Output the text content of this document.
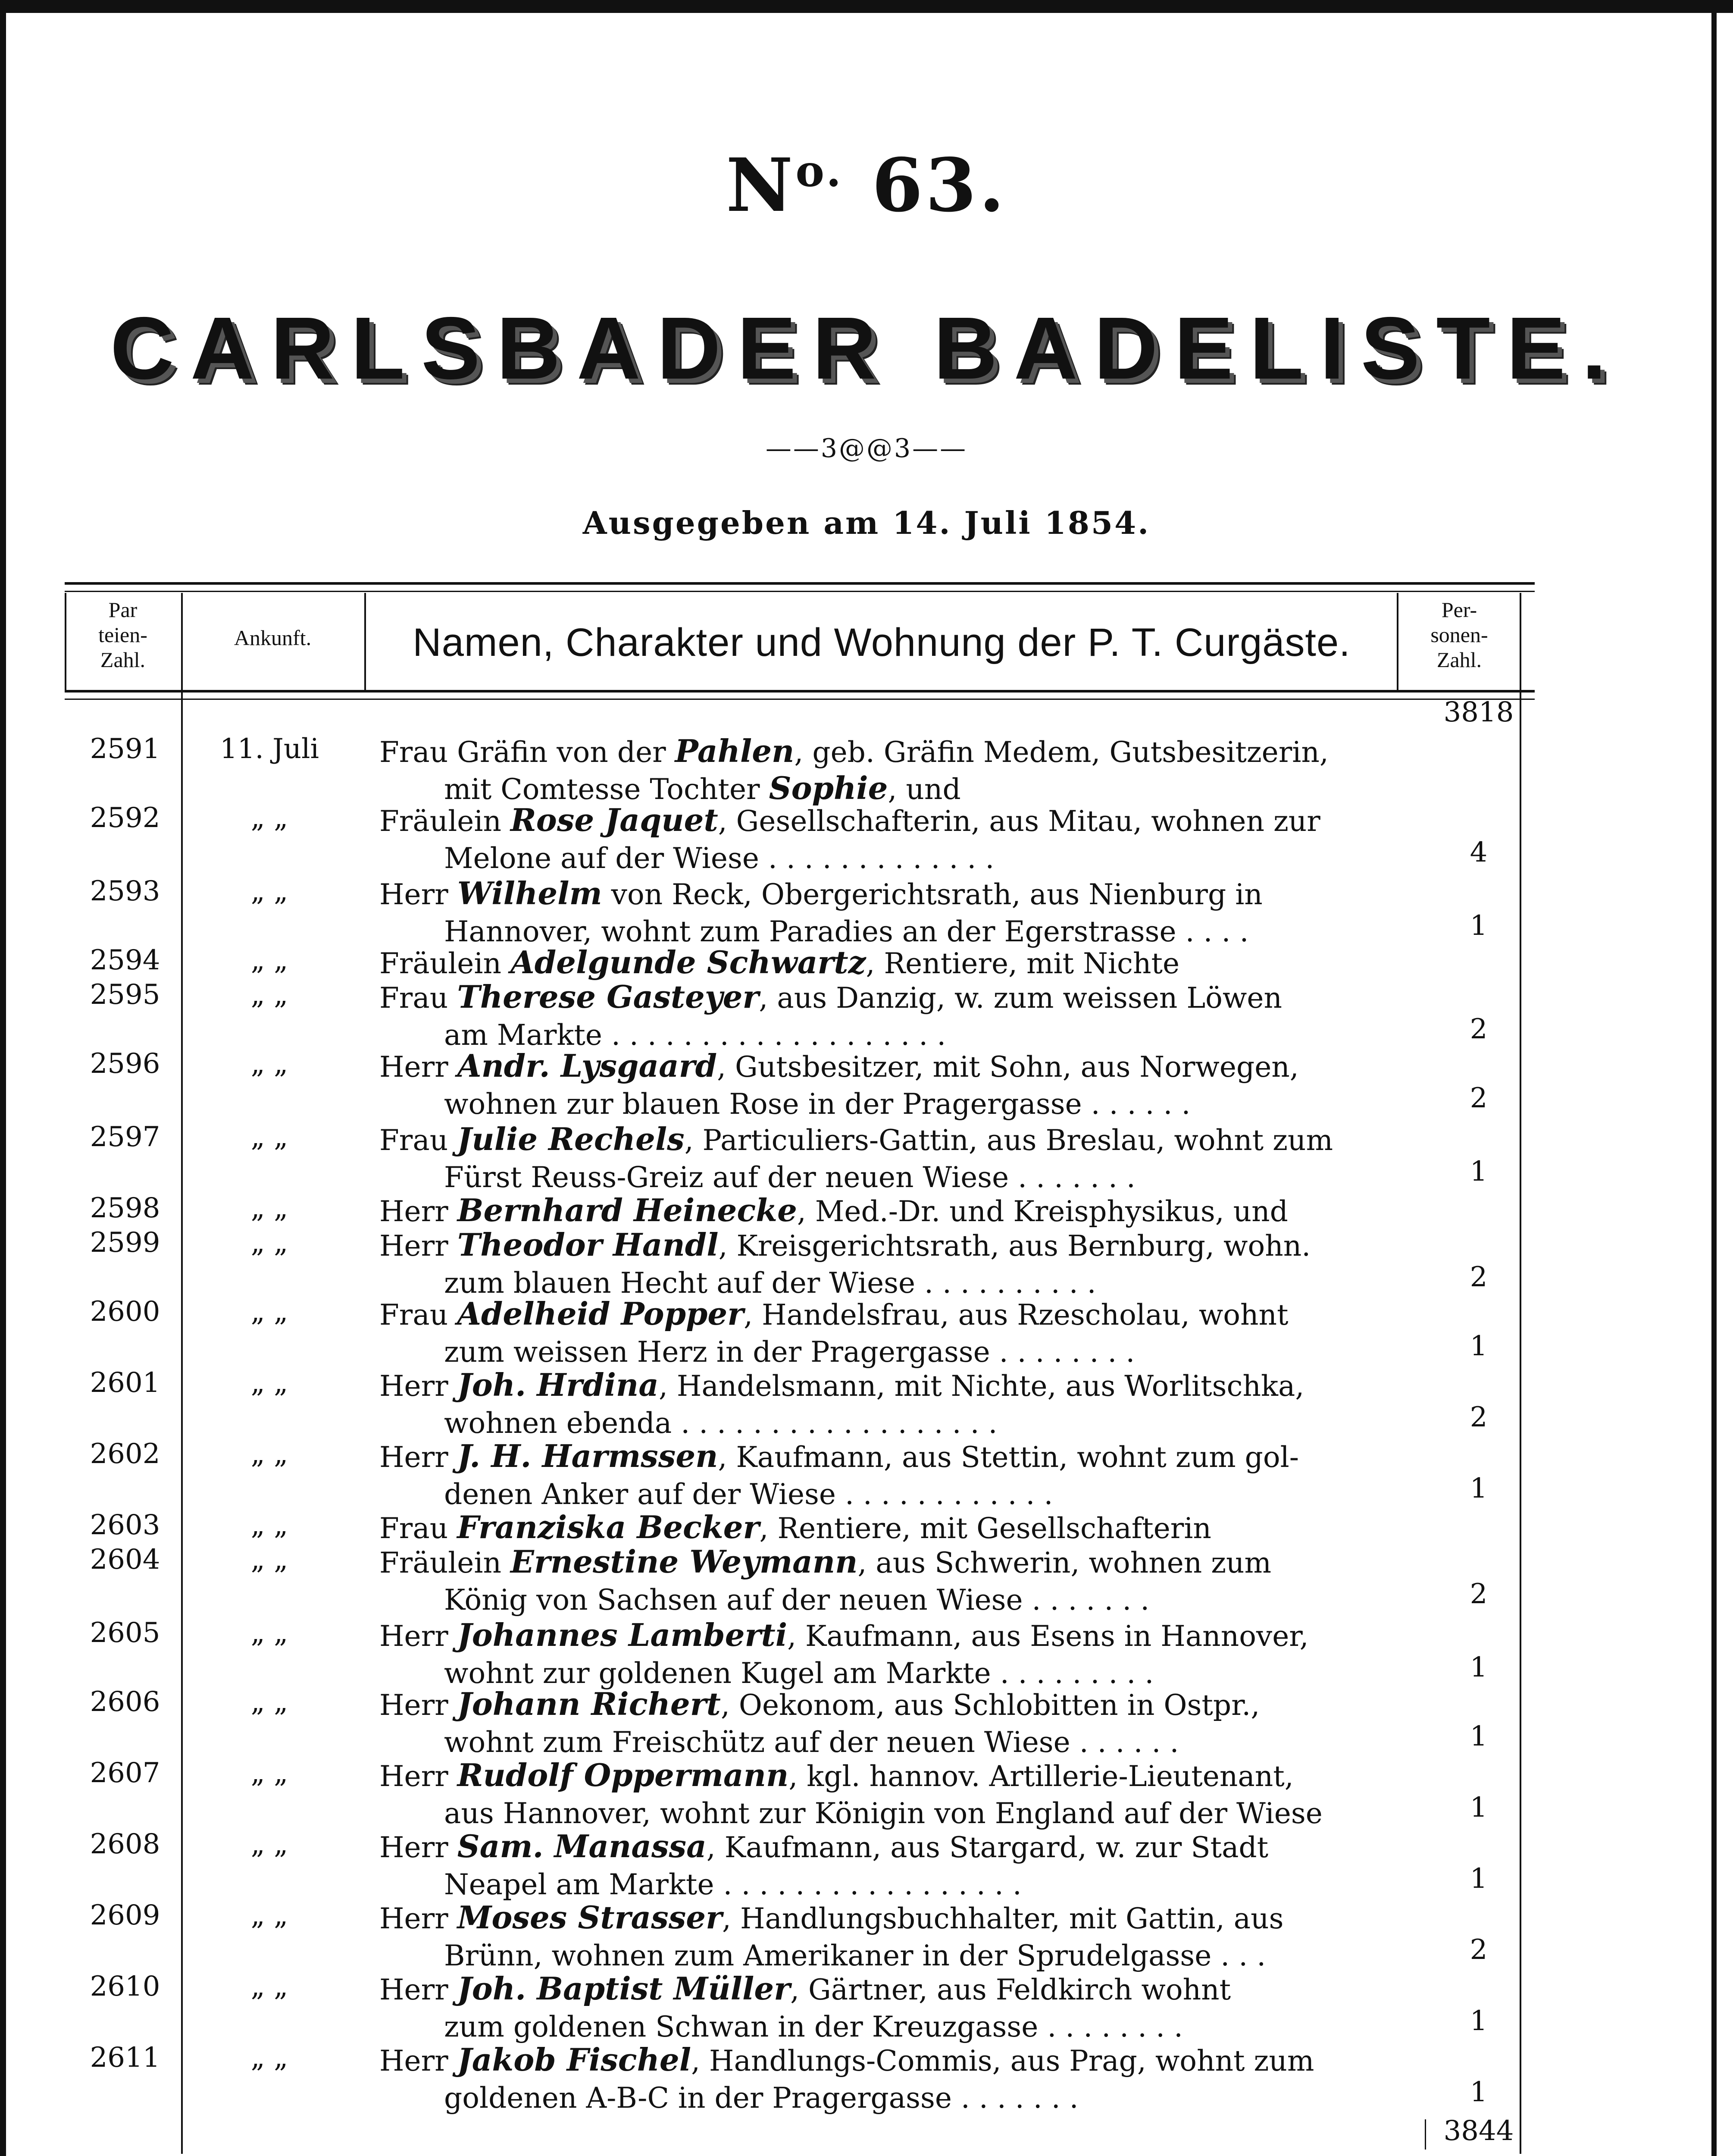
$N^{o.}$ 63.
CARLSBADER BADELISTE.
——3@@3——
Ausgegeben am 14. Juli 1854.
Par
teien-
Zahl.
Ankunft.	Namen, Charakter und Wohnung der P. T. Curgäste.
Per-
sonen-
Zahl.
3818
2591	11. Juli	Frau Gräfin von der Pahlen, geb. Gräfin Medem, Gutsbesitzerin,
mit Comtesse Tochter Sophie, und
2592	„ „	Fräulein Rose Jaquet, Gesellschafterin, aus Mitau, wohnen zur
Melone auf der Wiese . . . . . . . . . . . . .	4
2593	„ „	Herr Wilhelm von Reck, Obergerichtsrath, aus Nienburg in
Hannover, wohnt zum Paradies an der Egerstrasse . . . .	1
2594	„ „	Fräulein Adelgunde Schwartz, Rentiere, mit Nichte
2595	„ „	Frau Therese Gasteyer, aus Danzig, w. zum weissen Löwen
am Markte . . . . . . . . . . . . . . . . . . .	2
2596	„ „	Herr Andr. Lysgaard, Gutsbesitzer, mit Sohn, aus Norwegen,
wohnen zur blauen Rose in der Pragergasse . . . . . .	2
2597	„ „	Frau Julie Rechels, Particuliers-Gattin, aus Breslau, wohnt zum
Fürst Reuss-Greiz auf der neuen Wiese . . . . . . .	1
2598	„ „	Herr Bernhard Heinecke, Med.-Dr. und Kreisphysikus, und
2599	„ „	Herr Theodor Handl, Kreisgerichtsrath, aus Bernburg, wohn.
zum blauen Hecht auf der Wiese . . . . . . . . . .	2
2600	„ „	Frau Adelheid Popper, Handelsfrau, aus Rzescholau, wohnt
zum weissen Herz in der Pragergasse . . . . . . . .	1
2601	„ „	Herr Joh. Hrdina, Handelsmann, mit Nichte, aus Worlitschka,
wohnen ebenda . . . . . . . . . . . . . . . . . .	2
2602	„ „	Herr J. H. Harmssen, Kaufmann, aus Stettin, wohnt zum gol-
denen Anker auf der Wiese . . . . . . . . . . . .	1
2603	„ „	Frau Franziska Becker, Rentiere, mit Gesellschafterin
2604	„ „	Fräulein Ernestine Weymann, aus Schwerin, wohnen zum
König von Sachsen auf der neuen Wiese . . . . . . .	2
2605	„ „	Herr Johannes Lamberti, Kaufmann, aus Esens in Hannover,
wohnt zur goldenen Kugel am Markte . . . . . . . . .	1
2606	„ „	Herr Johann Richert, Oekonom, aus Schlobitten in Ostpr.,
wohnt zum Freischütz auf der neuen Wiese . . . . . .	1
2607	„ „	Herr Rudolf Oppermann, kgl. hannov. Artillerie-Lieutenant,
aus Hannover, wohnt zur Königin von England auf der Wiese	1
2608	„ „	Herr Sam. Manassa, Kaufmann, aus Stargard, w. zur Stadt
Neapel am Markte . . . . . . . . . . . . . . . . .	1
2609	„ „	Herr Moses Strasser, Handlungsbuchhalter, mit Gattin, aus
Brünn, wohnen zum Amerikaner in der Sprudelgasse . . .	2
2610	„ „	Herr Joh. Baptist Müller, Gärtner, aus Feldkirch wohnt
zum goldenen Schwan in der Kreuzgasse . . . . . . . .	1
2611	„ „	Herr Jakob Fischel, Handlungs-Commis, aus Prag, wohnt zum
goldenen A-B-C in der Pragergasse . . . . . . .	1
3844
